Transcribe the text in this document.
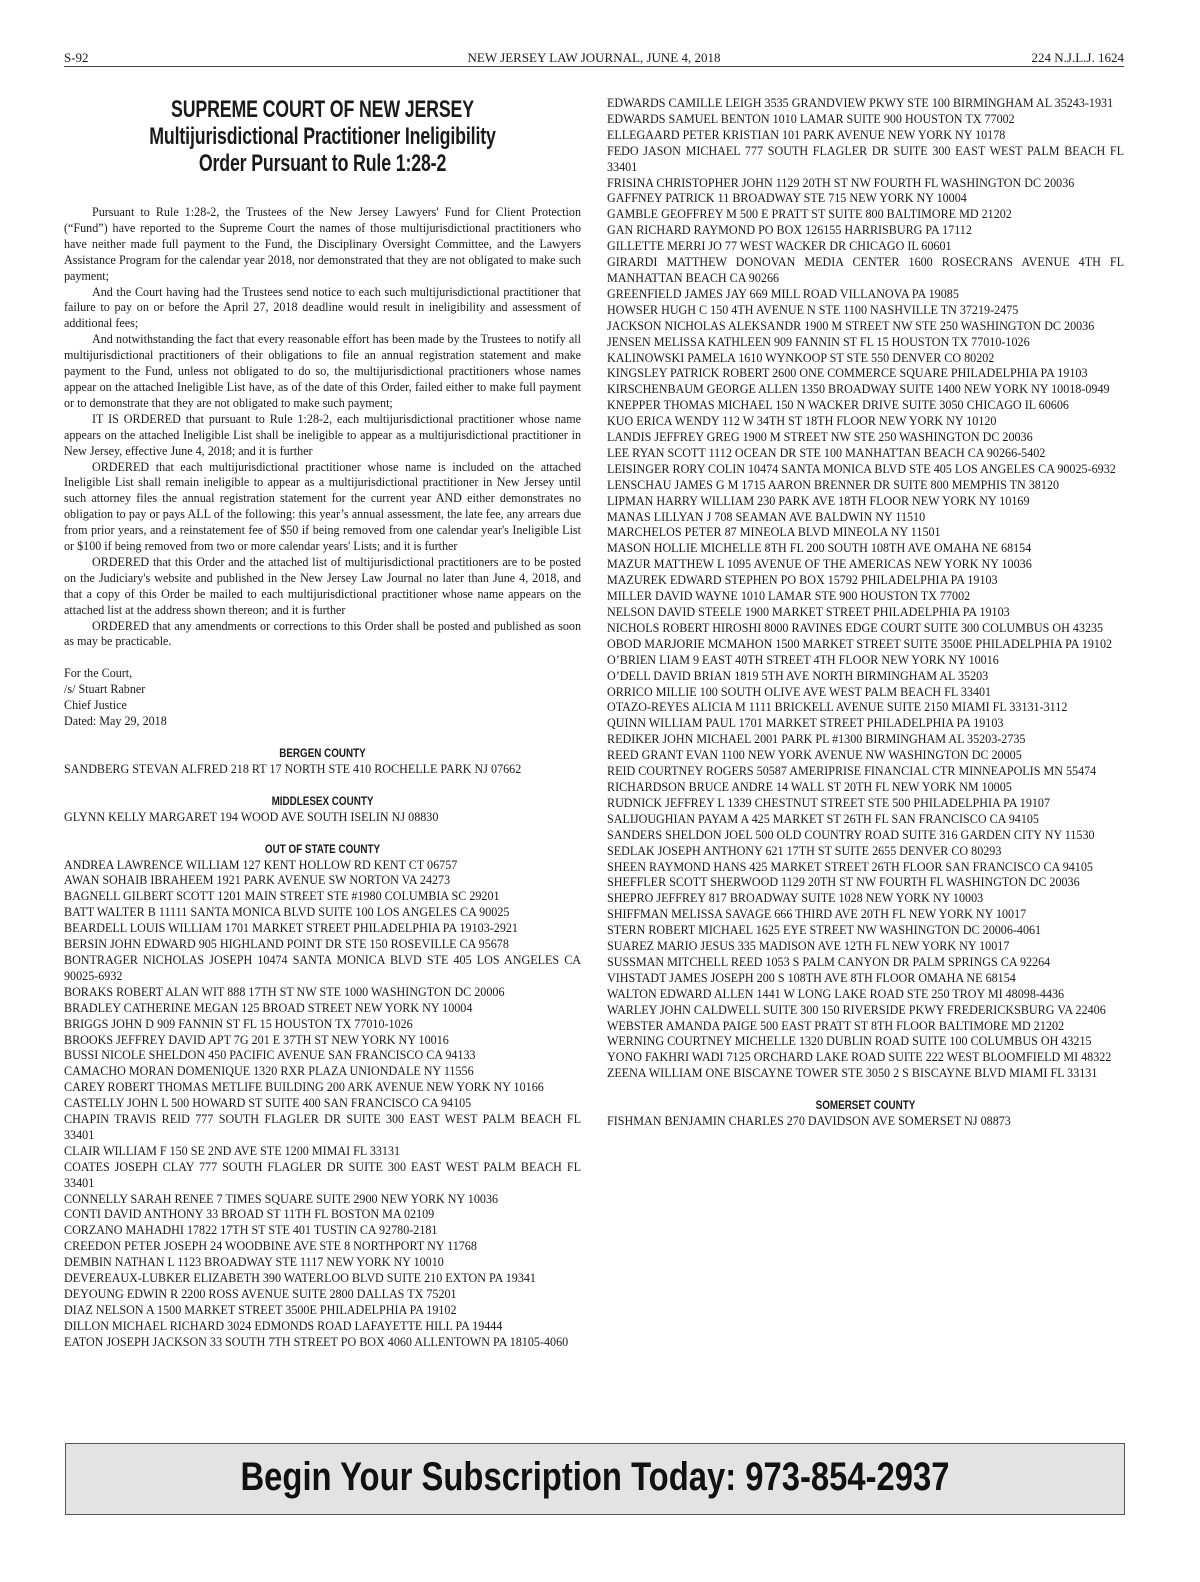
S-92	NEW JERSEY LAW JOURNAL, JUNE 4, 2018	224 N.J.L.J. 1624
SUPREME COURT OF NEW JERSEY
Multijurisdictional Practitioner Ineligibility Order Pursuant to Rule 1:28-2

Pursuant to Rule 1:28-2, the Trustees of the New Jersey Lawyers' Fund for Client Protection (“Fund”) have reported to the Supreme Court the names of those multijurisdictional practitioners who have neither made full payment to the Fund, the Disciplinary Oversight Committee, and the Lawyers Assistance Program for the calendar year 2018, nor demonstrated that they are not obligated to make such payment;

And the Court having had the Trustees send notice to each such multijurisdictional practitioner that failure to pay on or before the April 27, 2018 deadline would result in ineligibility and assessment of additional fees;

And notwithstanding the fact that every reasonable effort has been made by the Trustees to notify all multijurisdictional practitioners of their obligations to file an annual registration statement and make payment to the Fund, unless not obligated to do so, the multijurisdictional practitioners whose names appear on the attached Ineligible List have, as of the date of this Order, failed either to make full payment or to demonstrate that they are not obligated to make such payment;

IT IS ORDERED that pursuant to Rule 1:28-2, each multijurisdictional practitioner whose name appears on the attached Ineligible List shall be ineligible to appear as a multijurisdictional practitioner in New Jersey, effective June 4, 2018; and it is further

ORDERED that each multijurisdictional practitioner whose name is included on the attached Ineligible List shall remain ineligible to appear as a multijurisdictional practitioner in New Jersey until such attorney files the annual registration statement for the current year AND either demonstrates no obligation to pay or pays ALL of the following: this year’s annual assessment, the late fee, any arrears due from prior years, and a reinstatement fee of $50 if being removed from one calendar year's Ineligible List or $100 if being removed from two or more calendar years' Lists; and it is further

ORDERED that this Order and the attached list of multijurisdictional practitioners are to be posted on the Judiciary's website and published in the New Jersey Law Journal no later than June 4, 2018, and that a copy of this Order be mailed to each multijurisdictional practitioner whose name appears on the attached list at the address shown thereon; and it is further

ORDERED that any amendments or corrections to this Order shall be posted and published as soon as may be practicable.

For the Court,
/s/ Stuart Rabner
Chief Justice
Dated: May 29, 2018
BERGEN COUNTY
SANDBERG STEVAN ALFRED 218 RT 17 NORTH STE 410 ROCHELLE PARK NJ 07662
MIDDLESEX COUNTY
GLYNN KELLY MARGARET 194 WOOD AVE SOUTH ISELIN NJ 08830
OUT OF STATE COUNTY
ANDREA LAWRENCE WILLIAM 127 KENT HOLLOW RD KENT CT 06757
AWAN SOHAIB IBRAHEEM 1921 PARK AVENUE SW NORTON VA 24273
BAGNELL GILBERT SCOTT 1201 MAIN STREET STE #1980 COLUMBIA SC 29201
BATT WALTER B 11111 SANTA MONICA BLVD SUITE 100 LOS ANGELES CA 90025
BEARDELL LOUIS WILLIAM 1701 MARKET STREET PHILADELPHIA PA 19103-2921
BERSIN JOHN EDWARD 905 HIGHLAND POINT DR STE 150 ROSEVILLE CA 95678
BONTRAGER NICHOLAS JOSEPH 10474 SANTA MONICA BLVD STE 405 LOS ANGELES CA 90025-6932
BORAKS ROBERT ALAN WIT 888 17TH ST NW STE 1000 WASHINGTON DC 20006
BRADLEY CATHERINE MEGAN 125 BROAD STREET NEW YORK NY 10004
BRIGGS JOHN D 909 FANNIN ST FL 15 HOUSTON TX 77010-1026
BROOKS JEFFREY DAVID APT 7G 201 E 37TH ST NEW YORK NY 10016
BUSSI NICOLE SHELDON 450 PACIFIC AVENUE SAN FRANCISCO CA 94133
CAMACHO MORAN DOMENIQUE 1320 RXR PLAZA UNIONDALE NY 11556
CAREY ROBERT THOMAS METLIFE BUILDING 200 ARK AVENUE NEW YORK NY 10166
CASTELLY JOHN L 500 HOWARD ST SUITE 400 SAN FRANCISCO CA 94105
CHAPIN TRAVIS REID 777 SOUTH FLAGLER DR SUITE 300 EAST WEST PALM BEACH FL 33401
CLAIR WILLIAM F 150 SE 2ND AVE STE 1200 MIMAI FL 33131
COATES JOSEPH CLAY 777 SOUTH FLAGLER DR SUITE 300 EAST WEST PALM BEACH FL 33401
CONNELLY SARAH RENEE 7 TIMES SQUARE SUITE 2900 NEW YORK NY 10036
CONTI DAVID ANTHONY 33 BROAD ST 11TH FL BOSTON MA 02109
CORZANO MAHADHI 17822 17TH ST STE 401 TUSTIN CA 92780-2181
CREEDON PETER JOSEPH 24 WOODBINE AVE STE 8 NORTHPORT NY 11768
DEMBIN NATHAN L 1123 BROADWAY STE 1117 NEW YORK NY 10010
DEVEREAUX-LUBKER ELIZABETH 390 WATERLOO BLVD SUITE 210 EXTON PA 19341
DEYOUNG EDWIN R 2200 ROSS AVENUE SUITE 2800 DALLAS TX 75201
DIAZ NELSON A 1500 MARKET STREET 3500E PHILADELPHIA PA 19102
DILLON MICHAEL RICHARD 3024 EDMONDS ROAD LAFAYETTE HILL PA 19444
EATON JOSEPH JACKSON 33 SOUTH 7TH STREET PO BOX 4060 ALLENTOWN PA 18105-4060
EDWARDS CAMILLE LEIGH 3535 GRANDVIEW PKWY STE 100 BIRMINGHAM AL 35243-1931
EDWARDS SAMUEL BENTON 1010 LAMAR SUITE 900 HOUSTON TX 77002
ELLEGAARD PETER KRISTIAN 101 PARK AVENUE NEW YORK NY 10178
FEDO JASON MICHAEL 777 SOUTH FLAGLER DR SUITE 300 EAST WEST PALM BEACH FL 33401
FRISINA CHRISTOPHER JOHN 1129 20TH ST NW FOURTH FL WASHINGTON DC 20036
GAFFNEY PATRICK 11 BROADWAY STE 715 NEW YORK NY 10004
GAMBLE GEOFFREY M 500 E PRATT ST SUITE 800 BALTIMORE MD 21202
GAN RICHARD RAYMOND PO BOX 126155 HARRISBURG PA 17112
GILLETTE MERRI JO 77 WEST WACKER DR CHICAGO IL 60601
GIRARDI MATTHEW DONOVAN MEDIA CENTER 1600 ROSECRANS AVENUE 4TH FL MANHATTAN BEACH CA 90266
GREENFIELD JAMES JAY 669 MILL ROAD VILLANOVA PA 19085
HOWSER HUGH C 150 4TH AVENUE N STE 1100 NASHVILLE TN 37219-2475
JACKSON NICHOLAS ALEKSANDR 1900 M STREET NW STE 250 WASHINGTON DC 20036
JENSEN MELISSA KATHLEEN 909 FANNIN ST FL 15 HOUSTON TX 77010-1026
KALINOWSKI PAMELA 1610 WYNKOOP ST STE 550 DENVER CO 80202
KINGSLEY PATRICK ROBERT 2600 ONE COMMERCE SQUARE PHILADELPHIA PA 19103
KIRSCHENBAUM GEORGE ALLEN 1350 BROADWAY SUITE 1400 NEW YORK NY 10018-0949
KNEPPER THOMAS MICHAEL 150 N WACKER DRIVE SUITE 3050 CHICAGO IL 60606
KUO ERICA WENDY 112 W 34TH ST 18TH FLOOR NEW YORK NY 10120
LANDIS JEFFREY GREG 1900 M STREET NW STE 250 WASHINGTON DC 20036
LEE RYAN SCOTT 1112 OCEAN DR STE 100 MANHATTAN BEACH CA 90266-5402
LEISINGER RORY COLIN 10474 SANTA MONICA BLVD STE 405 LOS ANGELES CA 90025-6932
LENSCHAU JAMES G M 1715 AARON BRENNER DR SUITE 800 MEMPHIS TN 38120
LIPMAN HARRY WILLIAM 230 PARK AVE 18TH FLOOR NEW YORK NY 10169
MANAS LILLYAN J 708 SEAMAN AVE BALDWIN NY 11510
MARCHELOS PETER 87 MINEOLA BLVD MINEOLA NY 11501
MASON HOLLIE MICHELLE 8TH FL 200 SOUTH 108TH AVE OMAHA NE 68154
MAZUR MATTHEW L 1095 AVENUE OF THE AMERICAS NEW YORK NY 10036
MAZUREK EDWARD STEPHEN PO BOX 15792 PHILADELPHIA PA 19103
MILLER DAVID WAYNE 1010 LAMAR STE 900 HOUSTON TX 77002
NELSON DAVID STEELE 1900 MARKET STREET PHILADELPHIA PA 19103
NICHOLS ROBERT HIROSHI 8000 RAVINES EDGE COURT SUITE 300 COLUMBUS OH 43235
OBOD MARJORIE MCMAHON 1500 MARKET STREET SUITE 3500E PHILADELPHIA PA 19102
O’BRIEN LIAM 9 EAST 40TH STREET 4TH FLOOR NEW YORK NY 10016
O’DELL DAVID BRIAN 1819 5TH AVE NORTH BIRMINGHAM AL 35203
ORRICO MILLIE 100 SOUTH OLIVE AVE WEST PALM BEACH FL 33401
OTAZO-REYES ALICIA M 1111 BRICKELL AVENUE SUITE 2150 MIAMI FL 33131-3112
QUINN WILLIAM PAUL 1701 MARKET STREET PHILADELPHIA PA 19103
REDIKER JOHN MICHAEL 2001 PARK PL #1300 BIRMINGHAM AL 35203-2735
REED GRANT EVAN 1100 NEW YORK AVENUE NW WASHINGTON DC 20005
REID COURTNEY ROGERS 50587 AMERIPRISE FINANCIAL CTR MINNEAPOLIS MN 55474
RICHARDSON BRUCE ANDRE 14 WALL ST 20TH FL NEW YORK NM 10005
RUDNICK JEFFREY L 1339 CHESTNUT STREET STE 500 PHILADELPHIA PA 19107
SALIJOUGHIAN PAYAM A 425 MARKET ST 26TH FL SAN FRANCISCO CA 94105
SANDERS SHELDON JOEL 500 OLD COUNTRY ROAD SUITE 316 GARDEN CITY NY 11530
SEDLAK JOSEPH ANTHONY 621 17TH ST SUITE 2655 DENVER CO 80293
SHEEN RAYMOND HANS 425 MARKET STREET 26TH FLOOR SAN FRANCISCO CA 94105
SHEFFLER SCOTT SHERWOOD 1129 20TH ST NW FOURTH FL WASHINGTON DC 20036
SHEPRO JEFFREY 817 BROADWAY SUITE 1028 NEW YORK NY 10003
SHIFFMAN MELISSA SAVAGE 666 THIRD AVE 20TH FL NEW YORK NY 10017
STERN ROBERT MICHAEL 1625 EYE STREET NW WASHINGTON DC 20006-4061
SUAREZ MARIO JESUS 335 MADISON AVE 12TH FL NEW YORK NY 10017
SUSSMAN MITCHELL REED 1053 S PALM CANYON DR PALM SPRINGS CA 92264
VIHSTADT JAMES JOSEPH 200 S 108TH AVE 8TH FLOOR OMAHA NE 68154
WALTON EDWARD ALLEN 1441 W LONG LAKE ROAD STE 250 TROY MI 48098-4436
WARLEY JOHN CALDWELL SUITE 300 150 RIVERSIDE PKWY FREDERICKSBURG VA 22406
WEBSTER AMANDA PAIGE 500 EAST PRATT ST 8TH FLOOR BALTIMORE MD 21202
WERNING COURTNEY MICHELLE 1320 DUBLIN ROAD SUITE 100 COLUMBUS OH 43215
YONO FAKHRI WADI 7125 ORCHARD LAKE ROAD SUITE 222 WEST BLOOMFIELD MI 48322
ZEENA WILLIAM ONE BISCAYNE TOWER STE 3050 2 S BISCAYNE BLVD MIAMI FL 33131
SOMERSET COUNTY
FISHMAN BENJAMIN CHARLES 270 DAVIDSON AVE SOMERSET NJ 08873
Begin Your Subscription Today: 973-854-2937
